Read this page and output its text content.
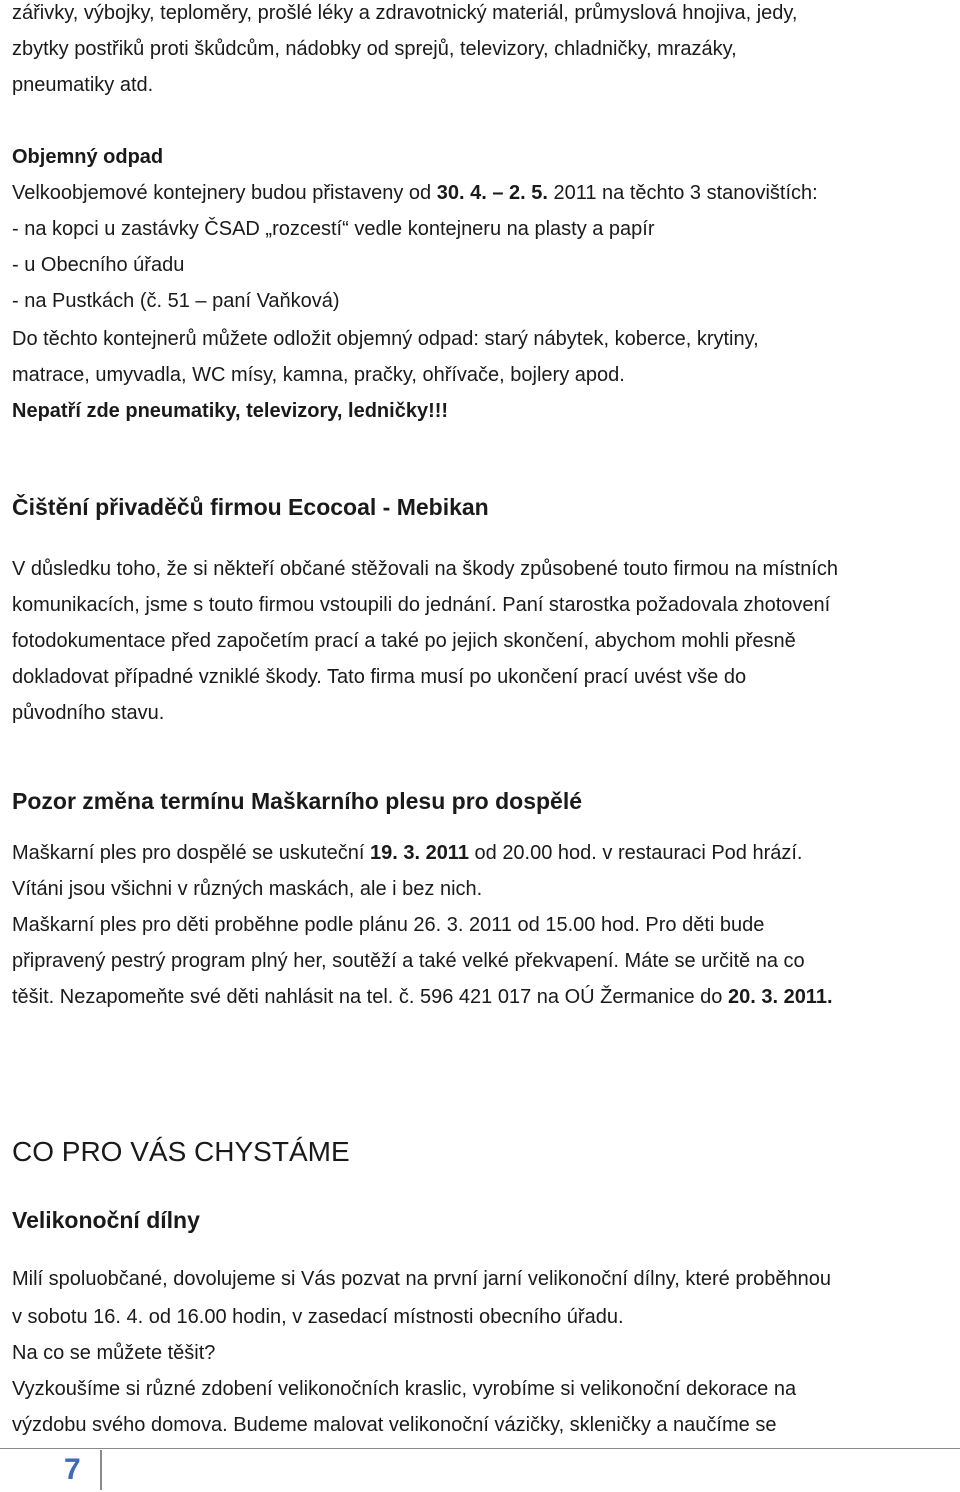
zářivky, výbojky, teploměry, prošlé léky a zdravotnický materiál, průmyslová hnojiva, jedy,
zbytky postřiků proti škůdcům, nádobky od sprejů, televizory, chladničky, mrazáky,
pneumatiky atd.
Objemný odpad
Velkoobjemové kontejnery budou přistaveny od 30. 4. – 2. 5. 2011 na těchto 3 stanovištích:
- na kopci u zastávky ČSAD „rozcestí“ vedle kontejneru na plasty a papír
- u Obecního úřadu
- na Pustkách (č. 51 – paní Vaňková)
Do těchto kontejnerů můžete odložit objemný odpad: starý nábytek, koberce, krytiny,
matrace, umyvadla, WC mísy, kamna, pračky, ohřívače, bojlery apod.
Nepatří zde pneumatiky, televizory, ledničky!!!
Čištění přivaděčů firmou Ecocoal - Mebikan
V důsledku toho, že si někteří občané stěžovali na škody způsobené touto firmou na místních
komunikacích, jsme s touto firmou vstoupili do jednání. Paní starostka požadovala zhotovení
fotodokumentace před započetím prací a také po jejich skončení, abychom mohli přesně
dokladovat případné vzniklé škody. Tato firma musí po ukončení prací uvést vše do
původního stavu.
Pozor změna termínu Maškarního plesu pro dospělé
Maškarní ples pro dospělé se uskuteční 19. 3. 2011 od 20.00 hod. v restauraci Pod hrází.
Vítáni jsou všichni v různých maskách, ale i bez nich.
Maškarní ples pro děti proběhne podle plánu 26. 3. 2011 od 15.00 hod. Pro děti bude
připravený pestrý program plný her, soutěží a také velké překvapení. Máte se určitě na co
těšit. Nezapomeňte své děti nahlásit na tel. č. 596 421 017 na OÚ Žermanice do 20. 3. 2011.
CO PRO VÁS CHYSTÁME
Velikonoční dílny
Milí spoluobčané, dovolujeme si Vás pozvat na první jarní velikonoční dílny, které proběhnou
v sobotu 16. 4. od 16.00 hodin, v zasedací místnosti obecního úřadu.
Na co se můžete těšit?
Vyzkoušíme si různé zdobení velikonočních kraslic, vyrobíme si velikonoční dekorace na
výzdobu svého domova. Budeme malovat velikonoční vázičky, skleničky a naučíme se
7
